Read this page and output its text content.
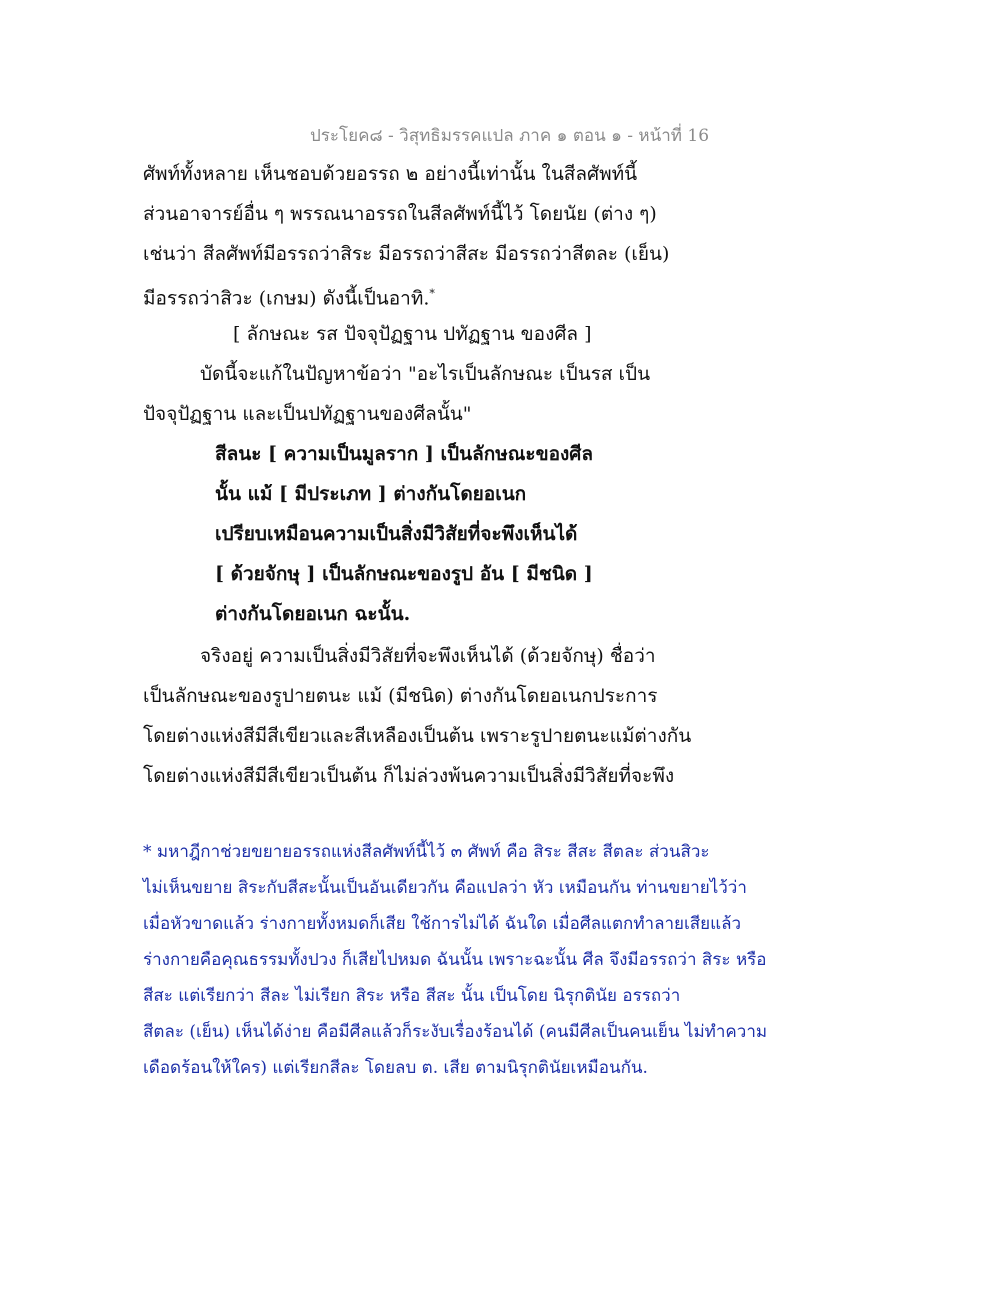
ประโยค๘ - วิสุทธิมรรคแปล ภาค ๑ ตอน ๑ - หน้าที่ 16
ศัพท์ทั้งหลาย เห็นชอบด้วยอรรถ ๒ อย่างนี้เท่านั้น ในสีลศัพท์นี้
ส่วนอาจารย์อื่น ๆ พรรณนาอรรถในสีลศัพท์นี้ไว้ โดยนัย (ต่าง ๆ)
เช่นว่า สีลศัพท์มีอรรถว่าสิระ มีอรรถว่าสีสะ มีอรรถว่าสีตละ (เย็น)
มีอรรถว่าสิวะ (เกษม) ดังนี้เป็นอาทิ.*
[ ลักษณะ รส ปัจจุปัฏฐาน ปทัฏฐาน ของศีล ]
บัดนี้จะแก้ในปัญหาข้อว่า "อะไรเป็นลักษณะ เป็นรส เป็น
ปัจจุปัฏฐาน และเป็นปทัฏฐานของศีลนั้น"
สีลนะ [ ความเป็นมูลราก ] เป็นลักษณะของศีล
นั้น แม้ [ มีประเภท ] ต่างกันโดยอเนก
เปรียบเหมือนความเป็นสิ่งมีวิสัยที่จะพึงเห็นได้
[ ด้วยจักษุ ] เป็นลักษณะของรูป อัน [ มีชนิด ]
ต่างกันโดยอเนก ฉะนั้น.
จริงอยู่ ความเป็นสิ่งมีวิสัยที่จะพึงเห็นได้ (ด้วยจักษุ) ชื่อว่า
เป็นลักษณะของรูปายตนะ แม้ (มีชนิด) ต่างกันโดยอเนกประการ
โดยต่างแห่งสีมีสีเขียวและสีเหลืองเป็นต้น เพราะรูปายตนะแม้ต่างกัน
โดยต่างแห่งสีมีสีเขียวเป็นต้น ก็ไม่ล่วงพ้นความเป็นสิ่งมีวิสัยที่จะพึง
* มหาฎีกาช่วยขยายอรรถแห่งสีลศัพท์นี้ไว้ ๓ ศัพท์ คือ สิระ สีสะ สีตละ ส่วนสิวะ
ไม่เห็นขยาย สิระกับสีสะนั้นเป็นอันเดียวกัน คือแปลว่า หัว เหมือนกัน ท่านขยายไว้ว่า
เมื่อหัวขาดแล้ว ร่างกายทั้งหมดก็เสีย ใช้การไม่ได้ ฉันใด เมื่อศีลแตกทำลายเสียแล้ว
ร่างกายคือคุณธรรมทั้งปวง ก็เสียไปหมด ฉันนั้น เพราะฉะนั้น ศีล จึงมีอรรถว่า สิระ หรือ
สีสะ แต่เรียกว่า สีละ ไม่เรียก สิระ หรือ สีสะ นั้น เป็นโดย นิรุกตินัย อรรถว่า
สีตละ (เย็น) เห็นได้ง่าย คือมีศีลแล้วก็ระงับเรื่องร้อนได้ (คนมีศีลเป็นคนเย็น ไม่ทำความ
เดือดร้อนให้ใคร) แต่เรียกสีละ โดยลบ ต. เสีย ตามนิรุกตินัยเหมือนกัน.
